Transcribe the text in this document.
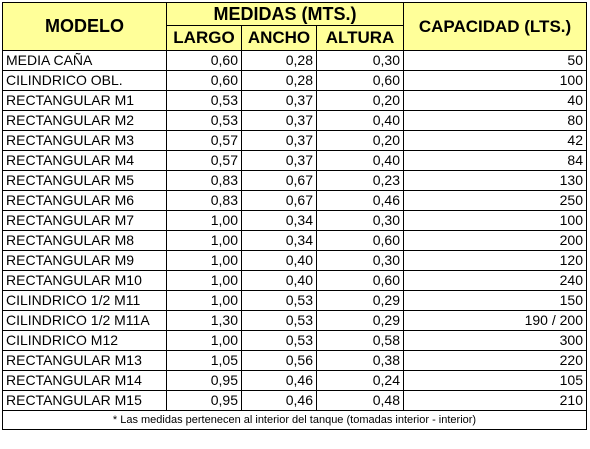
MODELO	MEDIDAS (MTS.)			CAPACIDAD (LTS.)
	LARGO	ANCHO	ALTURA	
MEDIA CAÑA	0,60	0,28	0,30	50
CILINDRICO OBL.	0,60	0,28	0,60	100
RECTANGULAR M1	0,53	0,37	0,20	40
RECTANGULAR M2	0,53	0,37	0,40	80
RECTANGULAR M3	0,57	0,37	0,20	42
RECTANGULAR M4	0,57	0,37	0,40	84
RECTANGULAR M5	0,83	0,67	0,23	130
RECTANGULAR M6	0,83	0,67	0,46	250
RECTANGULAR M7	1,00	0,34	0,30	100
RECTANGULAR M8	1,00	0,34	0,60	200
RECTANGULAR M9	1,00	0,40	0,30	120
RECTANGULAR M10	1,00	0,40	0,60	240
CILINDRICO 1/2 M11	1,00	0,53	0,29	150
CILINDRICO 1/2 M11A	1,30	0,53	0,29	190 / 200
CILINDRICO M12	1,00	0,53	0,58	300
RECTANGULAR M13	1,05	0,56	0,38	220
RECTANGULAR M14	0,95	0,46	0,24	105
RECTANGULAR M15	0,95	0,46	0,48	210
* Las medidas pertenecen al interior del tanque (tomadas interior - interior)				
